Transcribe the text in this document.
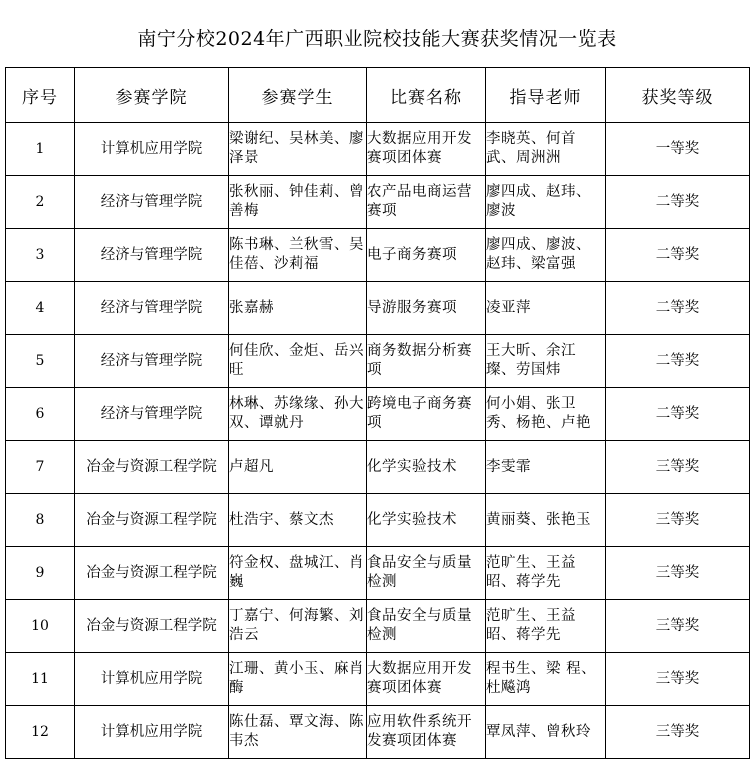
南宁分校2024年广西职业院校技能大赛获奖情况一览表
序号	参赛学院	参赛学生	比赛名称	指导老师	获奖等级
1	计算机应用学院	梁谢纪、吴林美、廖泽景	大数据应用开发赛项团体赛	李晓英、何首武、周洲洲	一等奖
2	经济与管理学院	张秋丽、钟佳莉、曾善梅	农产品电商运营赛项	廖四成、赵玮、廖波	二等奖
3	经济与管理学院	陈书琳、兰秋雪、吴佳蓓、沙莉福	电子商务赛项	廖四成、廖波、赵玮、梁富强	二等奖
4	经济与管理学院	张嘉赫	导游服务赛项	凌亚萍	二等奖
5	经济与管理学院	何佳欣、金炬、岳兴旺	商务数据分析赛项	王大昕、余江璨、劳国炜	二等奖
6	经济与管理学院	林琳、苏缘缘、孙大双、谭就丹	跨境电子商务赛项	何小娟、张卫秀、杨艳、卢艳	二等奖
7	冶金与资源工程学院	卢超凡	化学实验技术	李雯霏	三等奖
8	冶金与资源工程学院	杜浩宇、蔡文杰	化学实验技术	黄丽葵、张艳玉	三等奖
9	冶金与资源工程学院	符金权、盘城江、肖巍	食品安全与质量检测	范旷生、王益昭、蒋学先	三等奖
10	冶金与资源工程学院	丁嘉宁、何海繁、刘浩云	食品安全与质量检测	范旷生、王益昭、蒋学先	三等奖
11	计算机应用学院	江珊、黄小玉、麻肖酶	大数据应用开发赛项团体赛	程书生、梁 程、杜飚鸿	三等奖
12	计算机应用学院	陈仕磊、覃文海、陈韦杰	应用软件系统开发赛项团体赛	覃凤萍、曾秋玲	三等奖
